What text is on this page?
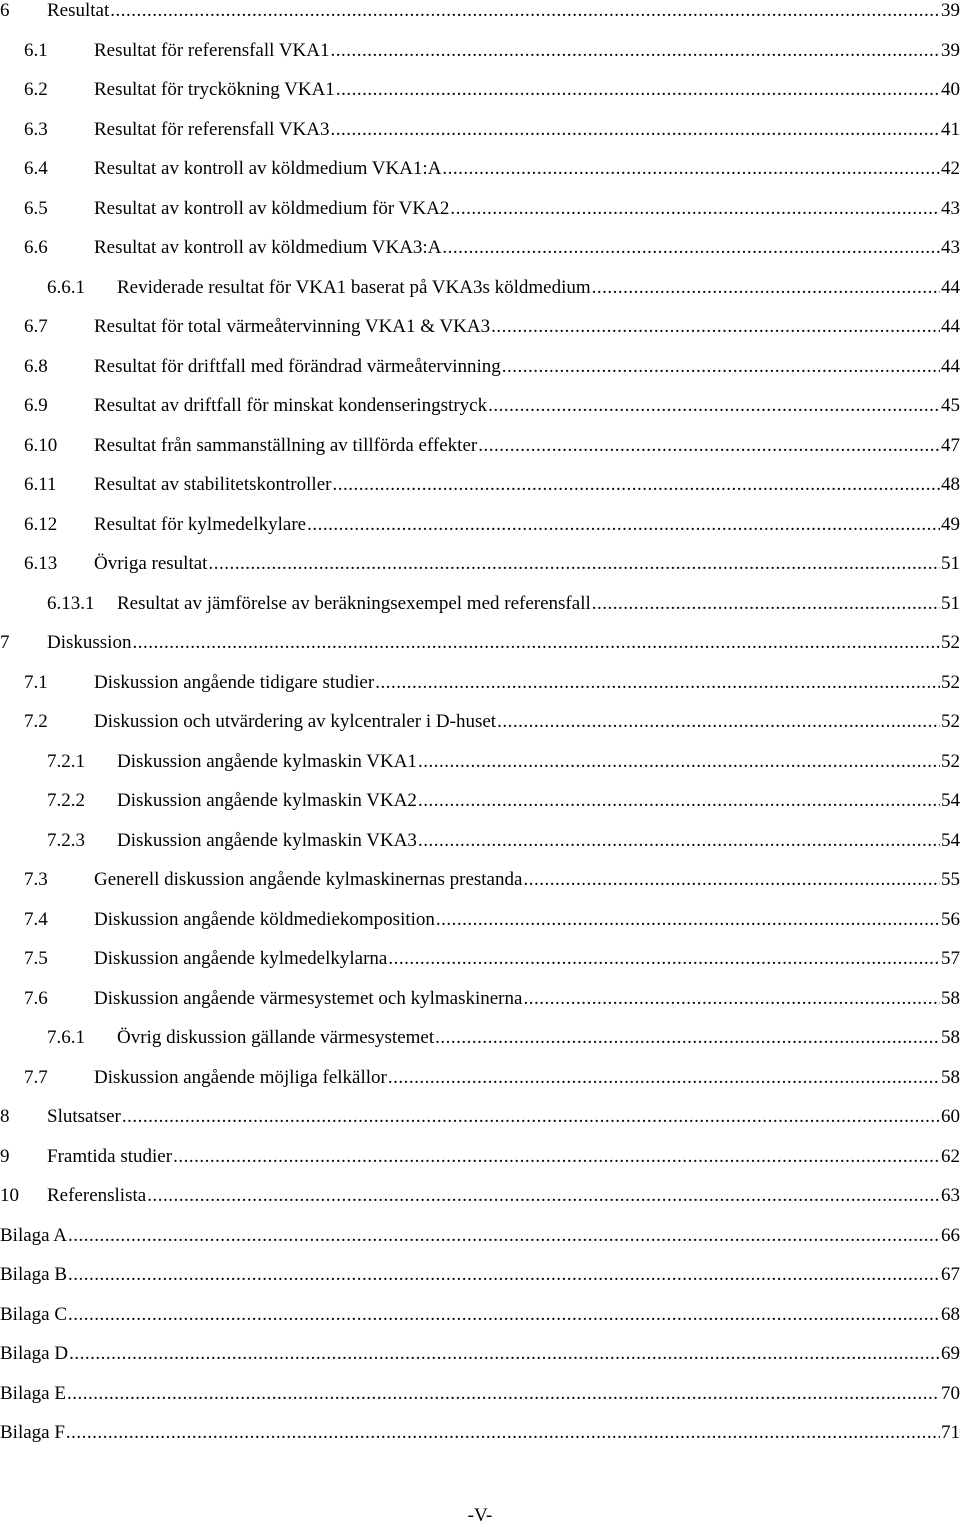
6	Resultat .....	39
6.1	Resultat för referensfall VKA1 .....	39
6.2	Resultat för tryckökning VKA1 .....	40
6.3	Resultat för referensfall VKA3 .....	41
6.4	Resultat av kontroll av köldmedium VKA1:A .....	42
6.5	Resultat av kontroll av köldmedium för VKA2 .....	43
6.6	Resultat av kontroll av köldmedium VKA3:A .....	43
6.6.1	Reviderade resultat för VKA1 baserat på VKA3s köldmedium .....	44
6.7	Resultat för total värmeåtervinning VKA1 & VKA3 .....	44
6.8	Resultat för driftfall med förändrad värmeåtervinning .....	44
6.9	Resultat av driftfall för minskat kondenseringstryck .....	45
6.10	Resultat från sammanställning av tillförda effekter .....	47
6.11	Resultat av stabilitetskontroller .....	48
6.12	Resultat för kylmedelkylare .....	49
6.13	Övriga resultat .....	51
6.13.1	Resultat av jämförelse av beräkningsexempel med referensfall .....	51
7	Diskussion .....	52
7.1	Diskussion angående tidigare studier .....	52
7.2	Diskussion och utvärdering av kylcentraler i D-huset .....	52
7.2.1	Diskussion angående kylmaskin VKA1 .....	52
7.2.2	Diskussion angående kylmaskin VKA2 .....	54
7.2.3	Diskussion angående kylmaskin VKA3 .....	54
7.3	Generell diskussion angående kylmaskinernas prestanda .....	55
7.4	Diskussion angående köldmediekomposition .....	56
7.5	Diskussion angående kylmedelkylarna .....	57
7.6	Diskussion angående värmesystemet och kylmaskinerna .....	58
7.6.1	Övrig diskussion gällande värmesystemet .....	58
7.7	Diskussion angående möjliga felkällor .....	58
8	Slutsatser .....	60
9	Framtida studier .....	62
10	Referenslista .....	63
Bilaga A .....	66
Bilaga B .....	67
Bilaga C .....	68
Bilaga D .....	69
Bilaga E .....	70
Bilaga F .....	71
-V-
